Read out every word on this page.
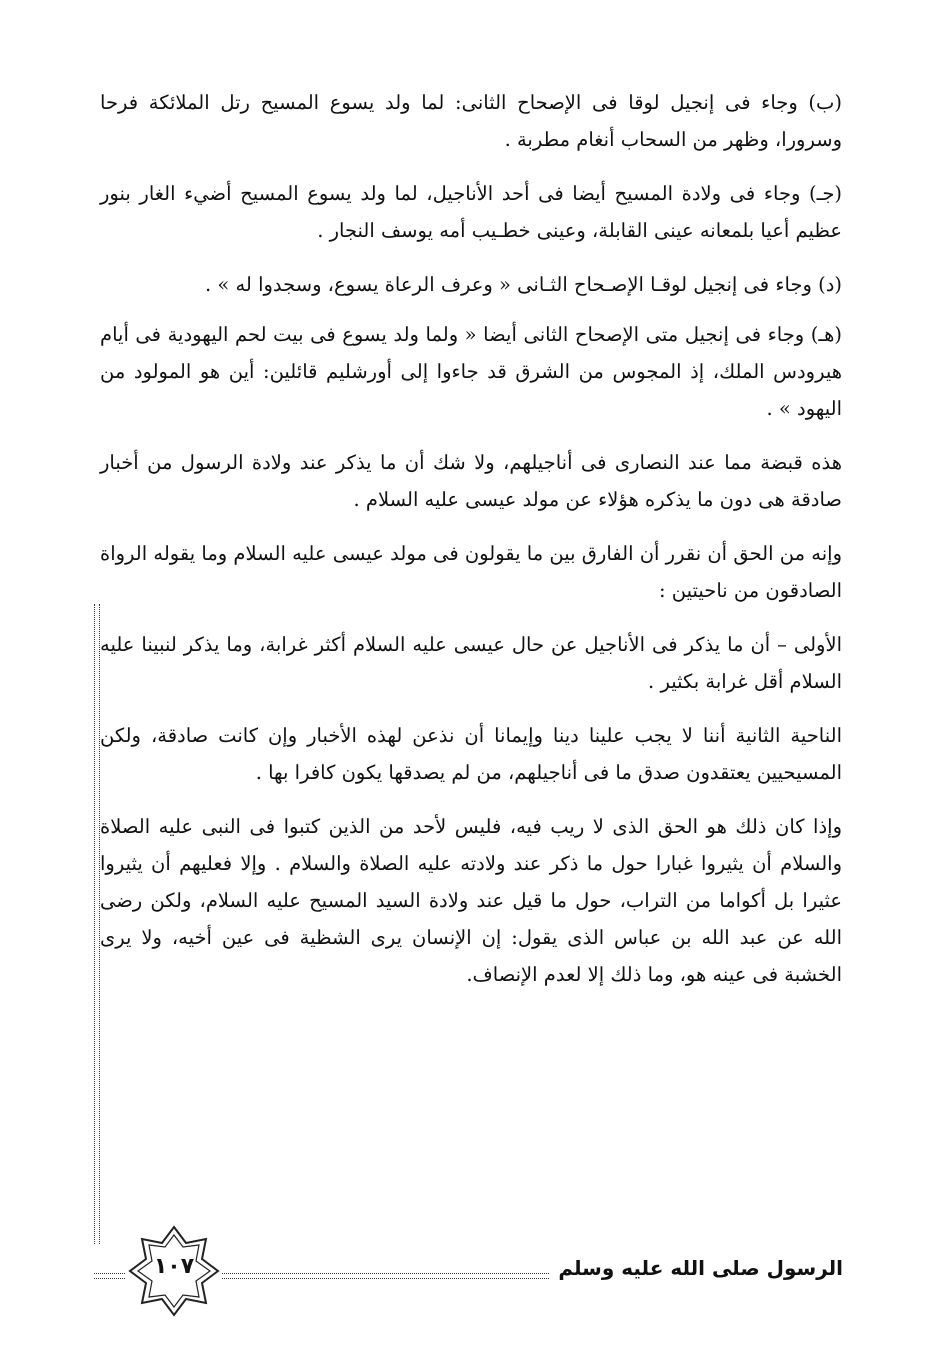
(ب) وجاء فى إنجيل لوقا فى الإصحاح الثانى: لما ولد يسوع المسيح رتل الملائكة فرحا وسرورا، وظهر من السحاب أنغام مطربة .

(جـ) وجاء فى ولادة المسيح أيضا فى أحد الأناجيل، لما ولد يسوع المسيح أضيء الغار بنور عظيم أعيا بلمعانه عينى القابلة، وعينى خطـيب أمه يوسف النجار .

(د) وجاء فى إنجيل لوقـا الإصـحاح الثـانى « وعرف الرعاة يسوع، وسجدوا له » .

(هـ) وجاء فى إنجيل متى الإصحاح الثانى أيضا « ولما ولد يسوع فى بيت لحم اليهودية فى أيام هيرودس الملك، إذ المجوس من الشرق قد جاءوا إلى أورشليم قائلين: أين هو المولود من اليهود » .

هذه قبضة مما عند النصارى فى أناجيلهم، ولا شك أن ما يذكر عند ولادة الرسول من أخبار صادقة هى دون ما يذكره هؤلاء عن مولد عيسى عليه السلام .

وإنه من الحق أن نقرر أن الفارق بين ما يقولون فى مولد عيسى عليه السلام وما يقوله الرواة الصادقون من ناحيتين :

الأولى – أن ما يذكر فى الأناجيل عن حال عيسى عليه السلام أكثر غرابة، وما يذكر لنبينا عليه السلام أقل غرابة بكثير .

الناحية الثانية أننا لا يجب علينا دينا وإيمانا أن نذعن لهذه الأخبار وإن كانت صادقة، ولكن المسيحيين يعتقدون صدق ما فى أناجيلهم، من لم يصدقها يكون كافرا بها .

وإذا كان ذلك هو الحق الذى لا ريب فيه، فليس لأحد من الذين كتبوا فى النبى عليه الصلاة والسلام أن يثيروا غبارا حول ما ذكر عند ولادته عليه الصلاة والسلام . وإلا فعليهم أن يثيروا عثيرا بل أكواما من التراب، حول ما قيل عند ولادة السيد المسيح عليه السلام، ولكن رضى الله عن عبد الله بن عباس الذى يقول: إن الإنسان يرى الشظية فى عين أخيه، ولا يرى الخشبة فى عينه هو، وما ذلك إلا لعدم الإنصاف.

الرسول صلى الله عليه وسلم
١٠٧
